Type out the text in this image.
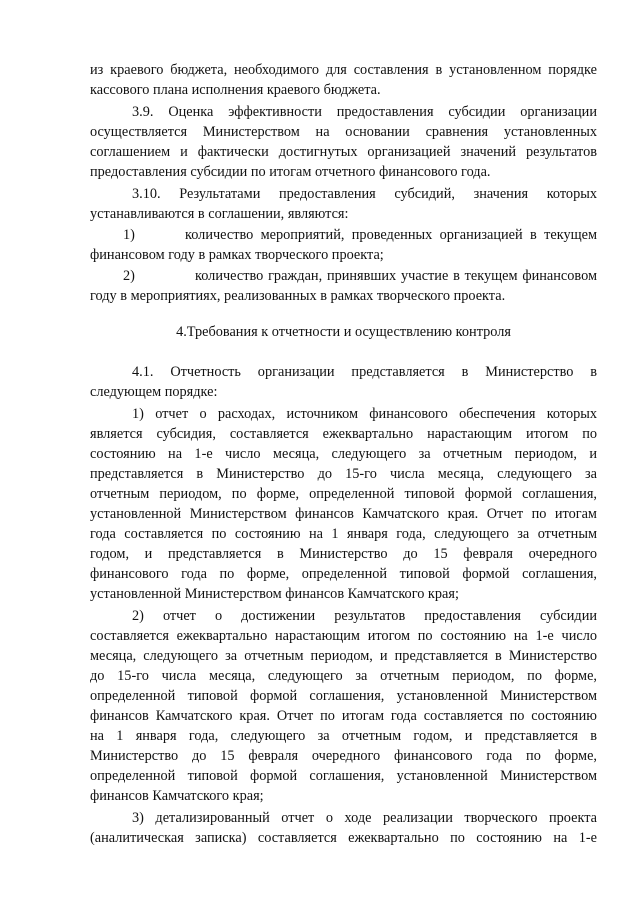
из краевого бюджета, необходимого для составления в установленном порядке
кассового плана исполнения краевого бюджета.
3.9. Оценка эффективности предоставления субсидии организации
осуществляется Министерством на основании сравнения установленных
соглашением и фактически достигнутых организацией значений результатов
предоставления субсидии по итогам отчетного финансового года.
3.10. Результатами предоставления субсидий, значения которых
устанавливаются в соглашении, являются:
1)	количество мероприятий, проведенных организацией в текущем
финансовом году в рамках творческого проекта;
2)	количество граждан, принявших участие в текущем финансовом
году в мероприятиях, реализованных в рамках творческого проекта.
4.Требования к отчетности и осуществлению контроля
4.1. Отчетность организации представляется в Министерство в
следующем порядке:
1) отчет о расходах, источником финансового обеспечения которых
является субсидия, составляется ежеквартально нарастающим итогом по
состоянию на 1-е число месяца, следующего за отчетным периодом, и
представляется в Министерство до 15-го числа месяца, следующего за
отчетным периодом, по форме, определенной типовой формой соглашения,
установленной Министерством финансов Камчатского края. Отчет по итогам
года составляется по состоянию на 1 января года, следующего за отчетным
годом, и представляется в Министерство до 15 февраля очередного
финансового года по форме, определенной типовой формой соглашения,
установленной Министерством финансов Камчатского края;
2) отчет о достижении результатов предоставления субсидии
составляется ежеквартально нарастающим итогом по состоянию на 1-е число
месяца, следующего за отчетным периодом, и представляется в Министерство
до 15-го числа месяца, следующего за отчетным периодом, по форме,
определенной типовой формой соглашения, установленной Министерством
финансов Камчатского края. Отчет по итогам года составляется по состоянию
на 1 января года, следующего за отчетным годом, и представляется в
Министерство до 15 февраля очередного финансового года по форме,
определенной типовой формой соглашения, установленной Министерством
финансов Камчатского края;
3) детализированный отчет о ходе реализации творческого проекта
(аналитическая записка) составляется ежеквартально по состоянию на 1-е
